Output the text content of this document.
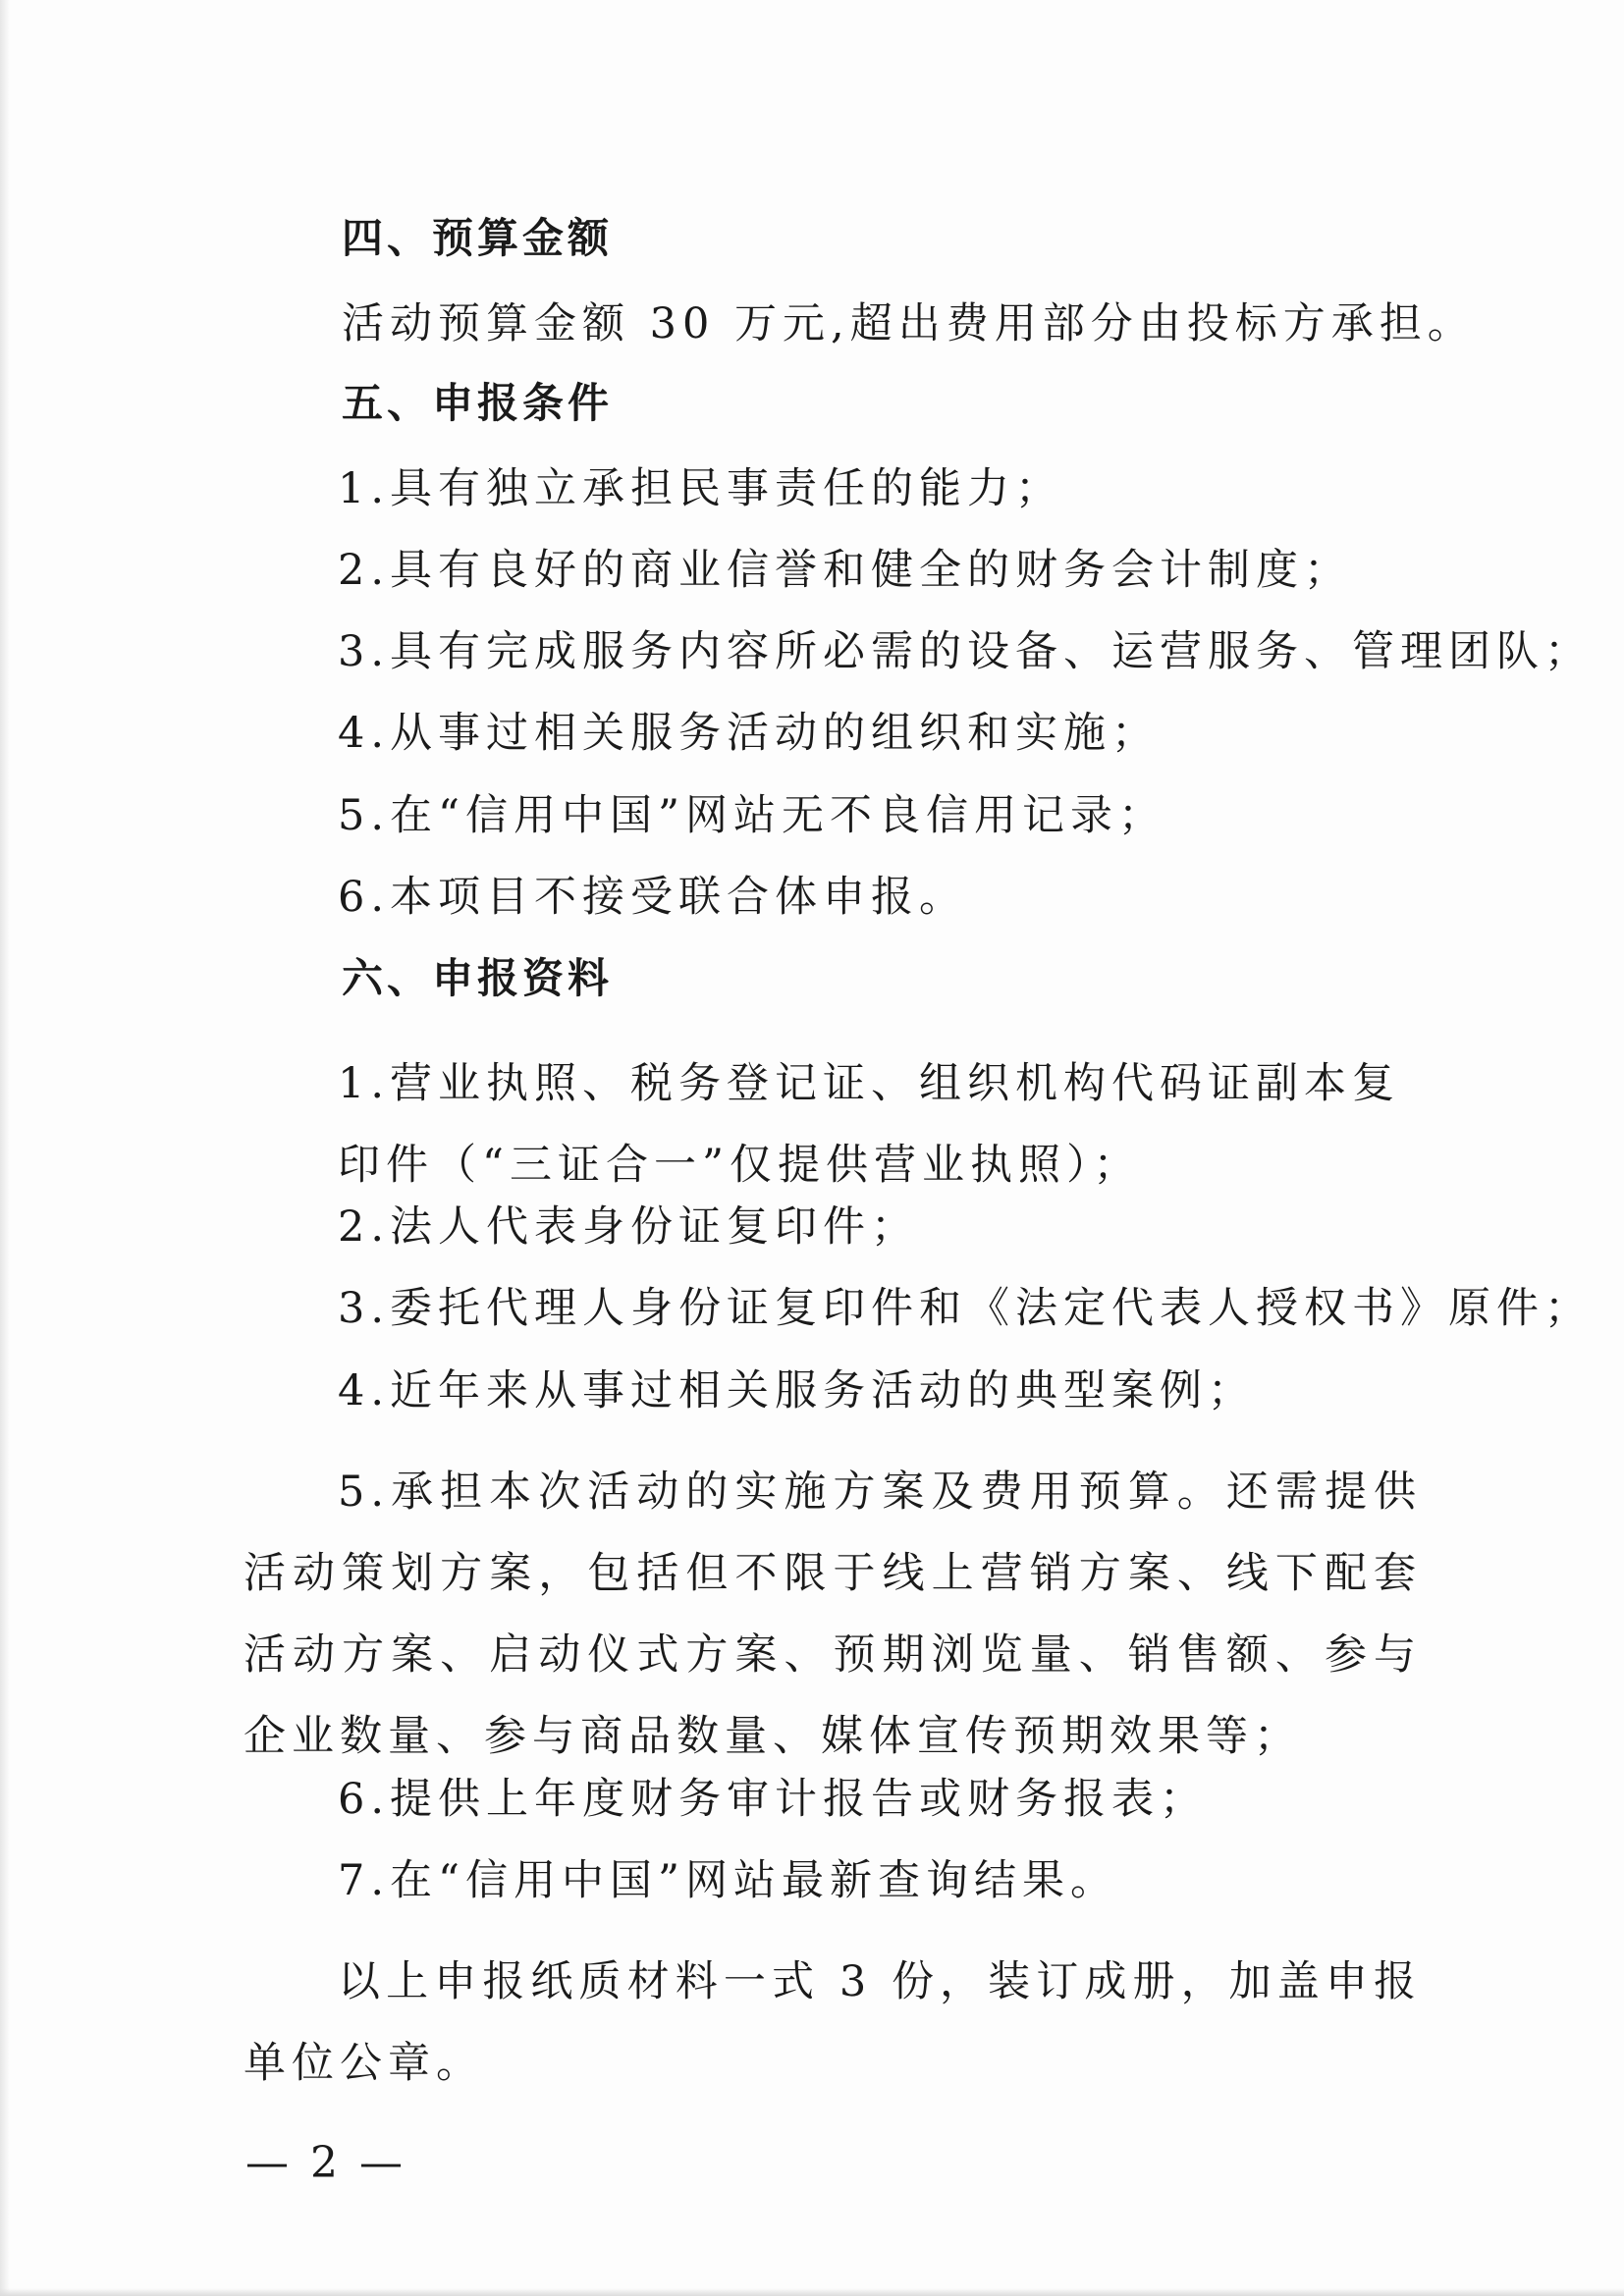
四、预算金额
活动预算金额 30 万元,超出费用部分由投标方承担。
五、申报条件
1.具有独立承担民事责任的能力；
2.具有良好的商业信誉和健全的财务会计制度；
3.具有完成服务内容所必需的设备、运营服务、管理团队；
4.从事过相关服务活动的组织和实施；
5.在“信用中国”网站无不良信用记录；
6.本项目不接受联合体申报。
六、申报资料
1.营业执照、税务登记证、组织机构代码证副本复印件（“三证合一”仅提供营业执照）；
2.法人代表身份证复印件；
3.委托代理人身份证复印件和《法定代表人授权书》原件；
4.近年来从事过相关服务活动的典型案例；
5.承担本次活动的实施方案及费用预算。还需提供活动策划方案，包括但不限于线上营销方案、线下配套活动方案、启动仪式方案、预期浏览量、销售额、参与企业数量、参与商品数量、媒体宣传预期效果等；
6.提供上年度财务审计报告或财务报表；
7.在“信用中国”网站最新查询结果。
以上申报纸质材料一式 3 份，装订成册，加盖申报单位公章。
— 2 —
